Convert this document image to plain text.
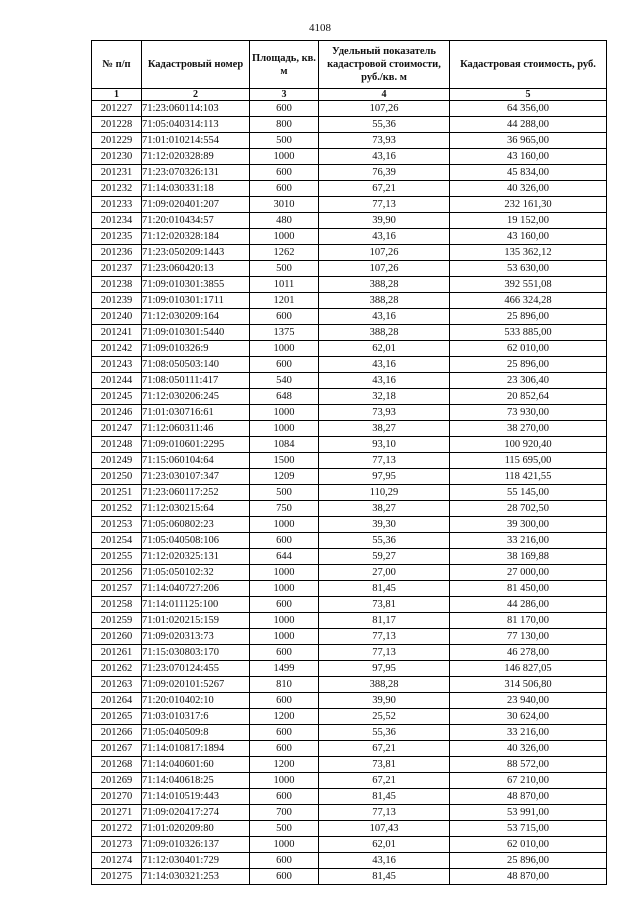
4108
№ п/п	Кадастровый номер	Площадь, кв. м	Удельный показатель кадастровой стоимости, руб./кв. м	Кадастровая стоимость, руб.
1	2	3	4	5
201227	71:23:060114:103	600	107,26	64 356,00
201228	71:05:040314:113	800	55,36	44 288,00
201229	71:01:010214:554	500	73,93	36 965,00
201230	71:12:020328:89	1000	43,16	43 160,00
201231	71:23:070326:131	600	76,39	45 834,00
201232	71:14:030331:18	600	67,21	40 326,00
201233	71:09:020401:207	3010	77,13	232 161,30
201234	71:20:010434:57	480	39,90	19 152,00
201235	71:12:020328:184	1000	43,16	43 160,00
201236	71:23:050209:1443	1262	107,26	135 362,12
201237	71:23:060420:13	500	107,26	53 630,00
201238	71:09:010301:3855	1011	388,28	392 551,08
201239	71:09:010301:1711	1201	388,28	466 324,28
201240	71:12:030209:164	600	43,16	25 896,00
201241	71:09:010301:5440	1375	388,28	533 885,00
201242	71:09:010326:9	1000	62,01	62 010,00
201243	71:08:050503:140	600	43,16	25 896,00
201244	71:08:050111:417	540	43,16	23 306,40
201245	71:12:030206:245	648	32,18	20 852,64
201246	71:01:030716:61	1000	73,93	73 930,00
201247	71:12:060311:46	1000	38,27	38 270,00
201248	71:09:010601:2295	1084	93,10	100 920,40
201249	71:15:060104:64	1500	77,13	115 695,00
201250	71:23:030107:347	1209	97,95	118 421,55
201251	71:23:060117:252	500	110,29	55 145,00
201252	71:12:030215:64	750	38,27	28 702,50
201253	71:05:060802:23	1000	39,30	39 300,00
201254	71:05:040508:106	600	55,36	33 216,00
201255	71:12:020325:131	644	59,27	38 169,88
201256	71:05:050102:32	1000	27,00	27 000,00
201257	71:14:040727:206	1000	81,45	81 450,00
201258	71:14:011125:100	600	73,81	44 286,00
201259	71:01:020215:159	1000	81,17	81 170,00
201260	71:09:020313:73	1000	77,13	77 130,00
201261	71:15:030803:170	600	77,13	46 278,00
201262	71:23:070124:455	1499	97,95	146 827,05
201263	71:09:020101:5267	810	388,28	314 506,80
201264	71:20:010402:10	600	39,90	23 940,00
201265	71:03:010317:6	1200	25,52	30 624,00
201266	71:05:040509:8	600	55,36	33 216,00
201267	71:14:010817:1894	600	67,21	40 326,00
201268	71:14:040601:60	1200	73,81	88 572,00
201269	71:14:040618:25	1000	67,21	67 210,00
201270	71:14:010519:443	600	81,45	48 870,00
201271	71:09:020417:274	700	77,13	53 991,00
201272	71:01:020209:80	500	107,43	53 715,00
201273	71:09:010326:137	1000	62,01	62 010,00
201274	71:12:030401:729	600	43,16	25 896,00
201275	71:14:030321:253	600	81,45	48 870,00
